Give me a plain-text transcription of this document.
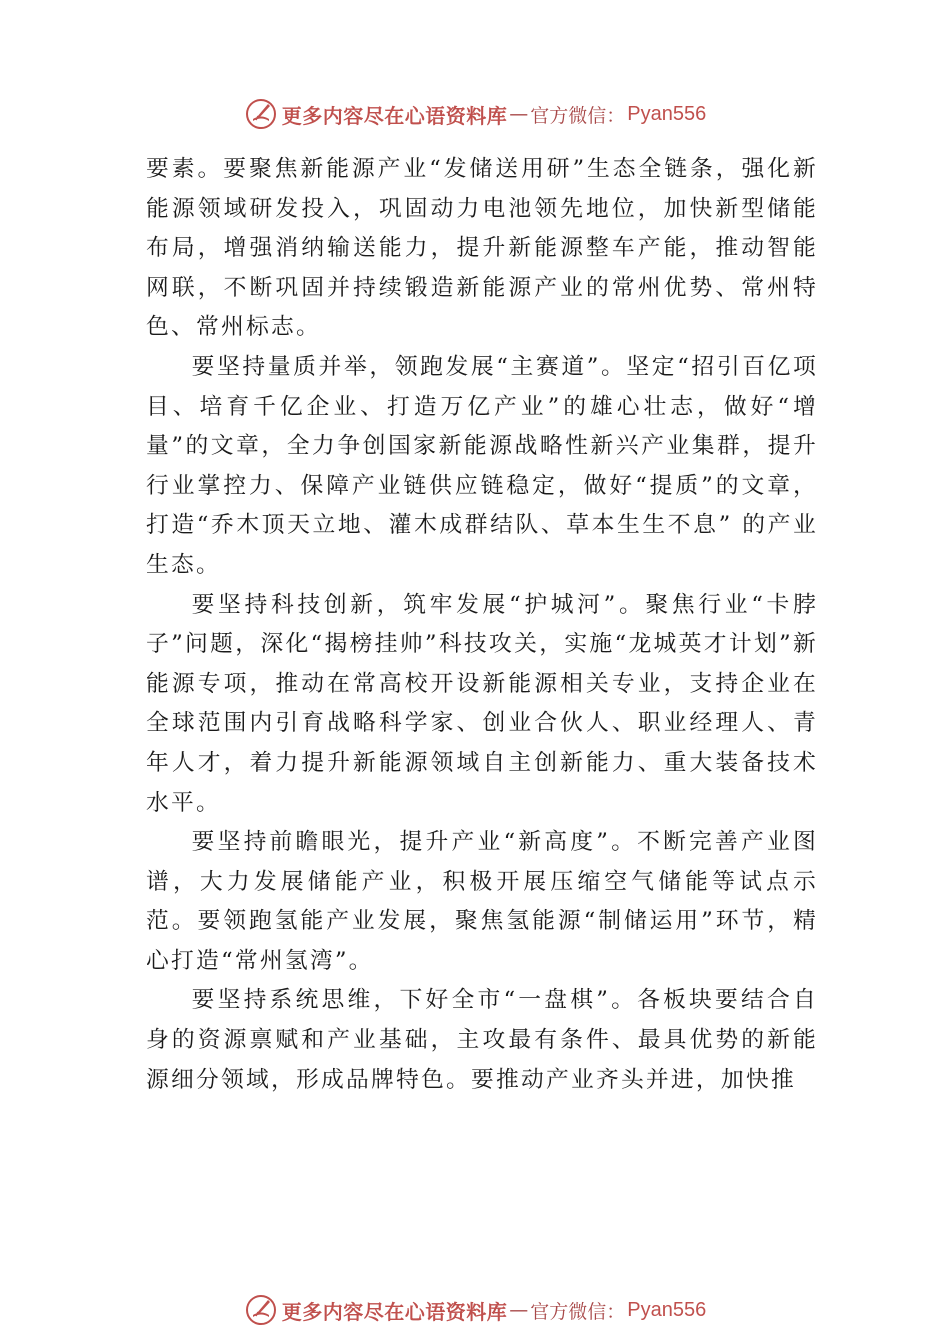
更多内容尽在心语资料库 — 官方微信： Pyan556

要素。要聚焦新能源产业“发储送用研”生态全链条，强化新能源领域研发投入，巩固动力电池领先地位，加快新型储能布局，增强消纳输送能力，提升新能源整车产能，推动智能网联，不断巩固并持续锻造新能源产业的常州优势、常州特色、常州标志。

要坚持量质并举，领跑发展“主赛道”。坚定“招引百亿项目、培育千亿企业、打造万亿产业”的雄心壮志，做好“增量”的文章，全力争创国家新能源战略性新兴产业集群，提升行业掌控力、保障产业链供应链稳定，做好“提质”的文章，打造“乔木顶天立地、灌木成群结队、草本生生不息” 的产业生态。

要坚持科技创新，筑牢发展“护城河”。聚焦行业“卡脖子”问题，深化“揭榜挂帅”科技攻关，实施“龙城英才计划”新能源专项，推动在常高校开设新能源相关专业，支持企业在全球范围内引育战略科学家、创业合伙人、职业经理人、青年人才，着力提升新能源领域自主创新能力、重大装备技术水平。

要坚持前瞻眼光，提升产业“新高度”。不断完善产业图谱，大力发展储能产业，积极开展压缩空气储能等试点示范。要领跑氢能产业发展，聚焦氢能源“制储运用”环节，精心打造“常州氢湾”。

要坚持系统思维，下好全市“一盘棋”。各板块要结合自身的资源禀赋和产业基础，主攻最有条件、最具优势的新能源细分领域，形成品牌特色。要推动产业齐头并进，加快推

更多内容尽在心语资料库 — 官方微信： Pyan556
